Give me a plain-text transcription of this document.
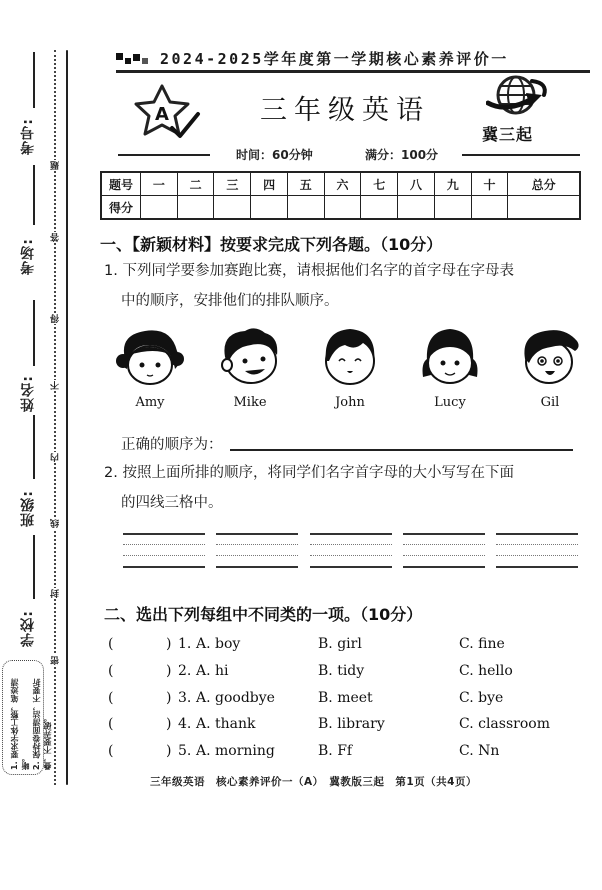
考号:
考场:
姓名:
班级:
学校:
题
答
得
不
内
线
封
密
1. 要求字体工整，笔迹清晰。 2. 保持卷面清洁，不要折叠，不要弄破。
2024-2025学年度第一学期核心素养评价一
A	三年级英语
冀三起
时间：60分钟	满分：100分
题号	一	二	三	四	五	六	七	八	九	十	总分
得分											
一、【新颖材料】按要求完成下列各题。（10分）
1. 下列同学要参加赛跑比赛，请根据他们名字的首字母在字母表
中的顺序，安排他们的排队顺序。
Amy	Mike	John	Lucy	Gil
正确的顺序为：
2. 按照上面所排的顺序，将同学们名字首字母的大小写写在下面
的四线三格中。
二、选出下列每组中不同类的一项。（10分）
(	) 1. A. boy	B. girl	C. fine
(	) 2. A. hi	B. tidy	C. hello
(	) 3. A. goodbye	B. meet	C. bye
(	) 4. A. thank	B. library	C. classroom
(	) 5. A. morning	B. Ff	C. Nn
三年级英语　核心素养评价一（A）　冀教版三起　第1页（共4页）
